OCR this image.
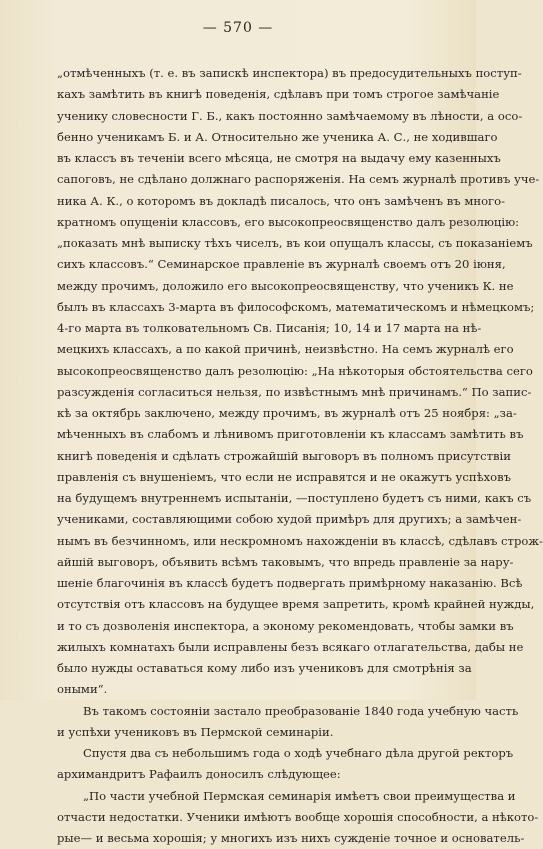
— 570 —
„отмѣченныхъ (т. е. въ запискѣ инспектора) въ предосудительныхъ поступ-
кахъ замѣтить въ книгѣ поведенія, сдѣлавъ при томъ строгое замѣчаніе
ученику словесности Г. Б., какъ постоянно замѣчаемому въ лѣности, а осо-
бенно ученикамъ Б. и А. Относительно же ученика А. С., не ходившаго
въ классъ въ теченіи всего мѣсяца, не смотря на выдачу ему казенныхъ
сапоговъ, не сдѣлано должнаго распоряженія. На семъ журналѣ противъ уче-
ника А. К., о которомъ въ докладѣ писалось, что онъ замѣченъ въ много-
кратномъ опущеніи классовъ, его высокопреосвященство далъ резолюцію:
„показать мнѣ выписку тѣхъ чиселъ, въ кои опущалъ классы, съ показаніемъ
сихъ классовъ.“ Семинарское правленіе въ журналѣ своемъ отъ 20 іюня,
между прочимъ, доложило его высокопреосвященству, что ученикъ К. не
былъ въ классахъ 3-марта въ философскомъ, математическомъ и нѣмецкомъ;
4-го марта въ толковательномъ Св. Писанія; 10, 14 и 17 марта на нѣ-
мецкихъ классахъ, а по какой причинѣ, неизвѣстно. На семъ журналѣ его
высокопреосвященство далъ резолюцію: „На нѣкоторыя обстоятельства сего
разсужденія согласиться нельзя, по извѣстнымъ мнѣ причинамъ.“ По запис-
кѣ за октябрь заключено, между прочимъ, въ журналѣ отъ 25 ноября: „за-
мѣченныхъ въ слабомъ и лѣнивомъ приготовленіи къ классамъ замѣтить въ
книгѣ поведенія и сдѣлать строжайшій выговоръ въ полномъ присутствіи
правленія съ внушеніемъ, что если не исправятся и не окажутъ успѣховъ
на будущемъ внутреннемъ испытаніи, —поступлено будетъ съ ними, какъ съ
учениками, составляющими собою худой примѣръ для другихъ; а замѣчен-
нымъ въ безчинномъ, или нескромномъ нахожденіи въ классѣ, сдѣлавъ строж-
айшій выговоръ, объявить всѣмъ таковымъ, что впредь правленіе за нару-
шеніе благочинія въ классѣ будетъ подвергать примѣрному наказанію. Всѣ
отсутствія отъ классовъ на будущее время запретить, кромѣ крайней нужды,
и то съ дозволенія инспектора, а эконому рекомендовать, чтобы замки въ
жилыхъ комнатахъ были исправлены безъ всякаго отлагательства, дабы не
было нужды оставаться кому либо изъ учениковъ для смотрѣнія за
оными“.
Въ такомъ состояніи застало преобразованіе 1840 года учебную часть
и успѣхи учениковъ въ Пермской семинаріи.
Спустя два съ небольшимъ года о ходѣ учебнаго дѣла другой ректоръ
архимандритъ Рафаилъ доносилъ слѣдующее:
„По части учебной Пермская семинарія имѣетъ свои преимущества и
отчасти недостатки. Ученики имѣютъ вообще хорошія способности, а нѣкото-
рые— и весьма хорошія; у многихъ изъ нихъ сужденіе точное и основатель-
